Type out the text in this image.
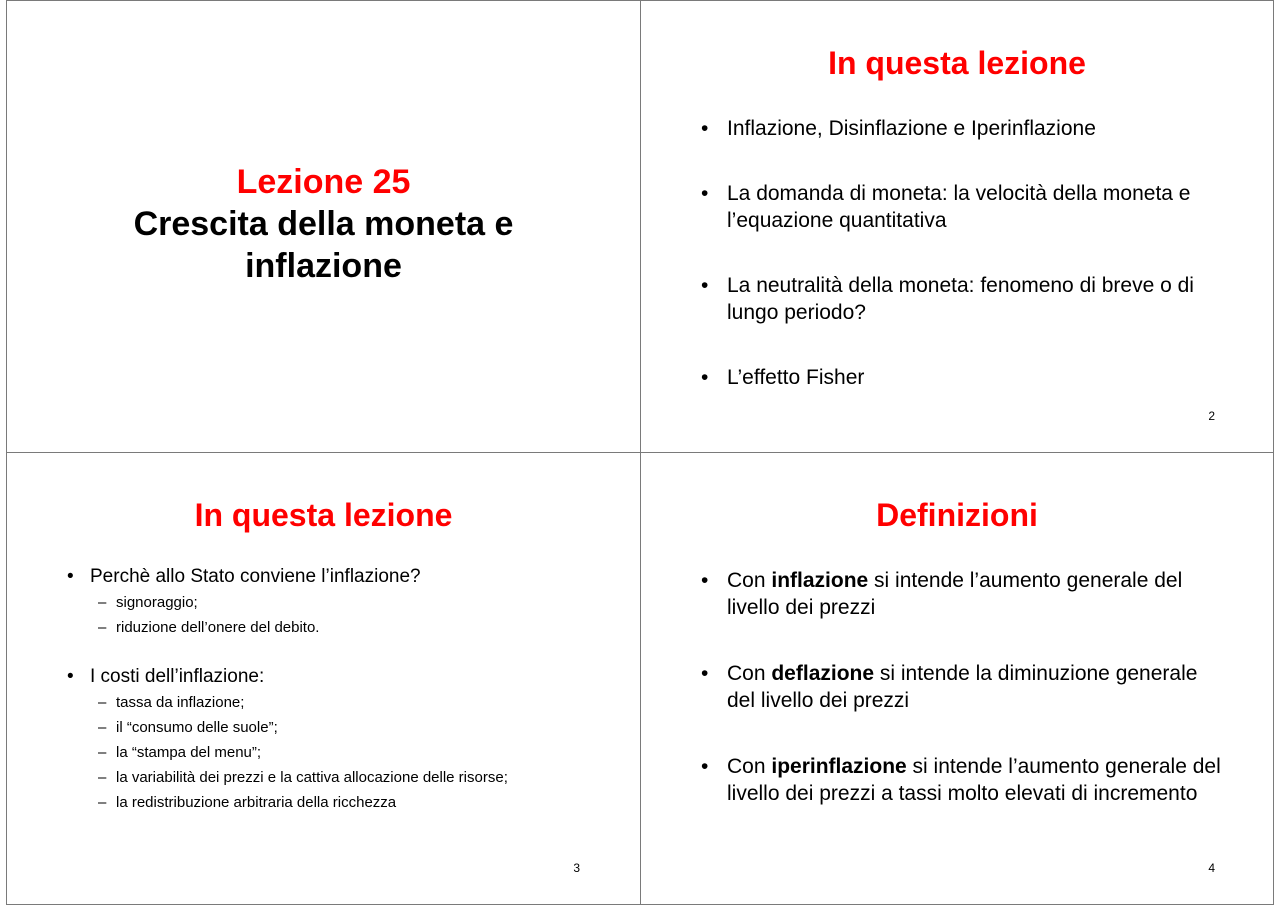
Lezione 25
Crescita della moneta e
inflazione
In questa lezione
• Inflazione, Disinflazione e Iperinflazione
• La domanda di moneta: la velocità della moneta e l’equazione quantitativa
• La neutralità della moneta: fenomeno di breve o di lungo periodo?
• L’effetto Fisher
2
In questa lezione
• Perchè allo Stato conviene l’inflazione?
– signoraggio;
– riduzione dell’onere del debito.
• I costi dell’inflazione:
– tassa da inflazione;
– il “consumo delle suole”;
– la “stampa del menu”;
– la variabilità dei prezzi e la cattiva allocazione delle risorse;
– la redistribuzione arbitraria della ricchezza
3
Definizioni
• Con inflazione si intende l’aumento generale del livello dei prezzi
• Con deflazione si intende la diminuzione generale del livello dei prezzi
• Con iperinflazione si intende l’aumento generale del livello dei prezzi a tassi molto elevati di incremento
4
